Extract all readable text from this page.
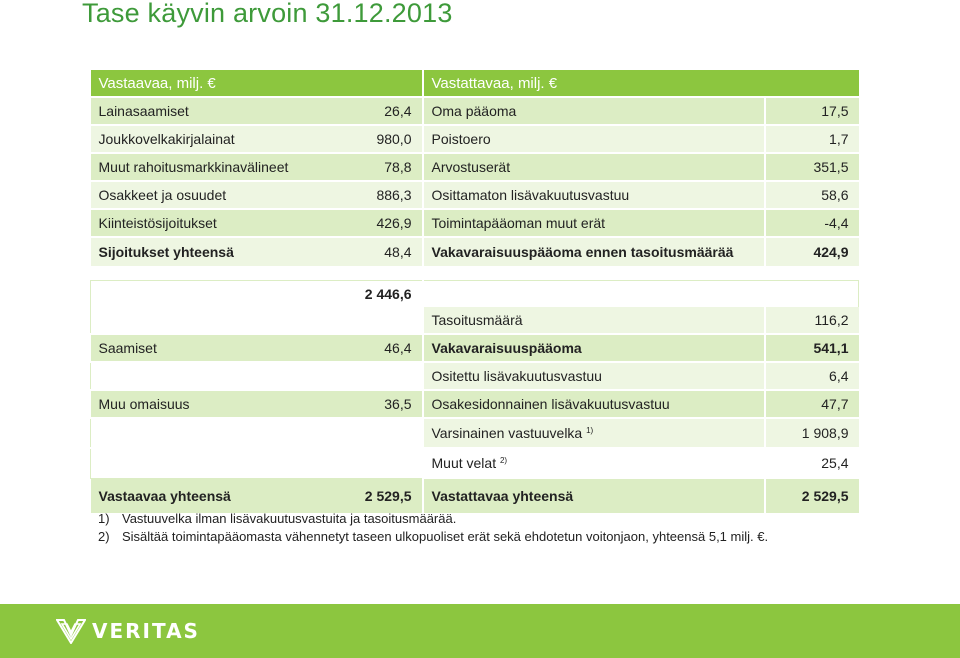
Tase käyvin arvoin 31.12.2013
Vastaavaa, milj. €		Vastattavaa, milj. €	
Lainasaamiset	26,4	Oma pääoma	17,5
Joukkovelkakirjalainat	980,0	Poistoero	1,7
Muut rahoitusmarkkinavälineet	78,8	Arvostuserät	351,5
Osakkeet ja osuudet	886,3	Osittamaton lisävakuutusvastuu	58,6
Kiinteistösijoitukset	426,9	Toimintapääoman muut erät	-4,4
Sijoitukset yhteensä	48,4	Vakavaraisuuspääoma ennen tasoitusmäärää	424,9

	2 446,6		
		Tasoitusmäärä	116,2
Saamiset	46,4	Vakavaraisuuspääoma	541,1
		Ositettu lisävakuutusvastuu	6,4
Muu omaisuus	36,5	Osakesidonnainen lisävakuutusvastuu	47,7
		Varsinainen vastuuvelka $^{1)}$	1 908,9
		Muut velat $^{2)}$	25,4
Vastaavaa yhteensä	2 529,5	Vastattavaa yhteensä	2 529,5
1) Vastuuvelka ilman lisävakuutusvastuita ja tasoitusmäärää.
2) Sisältää toimintapääomasta vähennetyt taseen ulkopuoliset erät sekä ehdotetun voitonjaon, yhteensä 5,1 milj. €.
VERITAS
